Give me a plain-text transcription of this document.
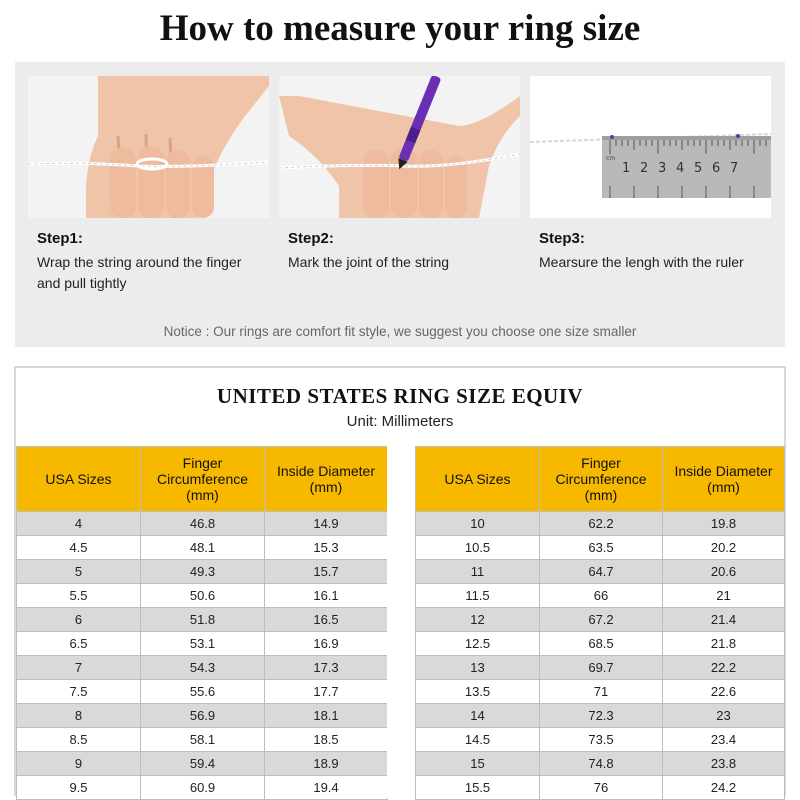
How to measure your ring size
cm
1 2 3 4 5 6 7
Step1:
Wrap the string around the finger and pull tightly
Step2:
Mark the joint of the string
Step3:
Mearsure the lengh with the ruler
Notice : Our rings are comfort fit style, we suggest you choose one size smaller
UNITED STATES RING SIZE EQUIV
Unit: Millimeters
USA Sizes	Finger Circumference (mm)	Inside Diameter (mm)
4	46.8	14.9
4.5	48.1	15.3
5	49.3	15.7
5.5	50.6	16.1
6	51.8	16.5
6.5	53.1	16.9
7	54.3	17.3
7.5	55.6	17.7
8	56.9	18.1
8.5	58.1	18.5
9	59.4	18.9
9.5	60.9	19.4
USA Sizes	Finger Circumference (mm)	Inside Diameter (mm)
10	62.2	19.8
10.5	63.5	20.2
11	64.7	20.6
11.5	66	21
12	67.2	21.4
12.5	68.5	21.8
13	69.7	22.2
13.5	71	22.6
14	72.3	23
14.5	73.5	23.4
15	74.8	23.8
15.5	76	24.2
